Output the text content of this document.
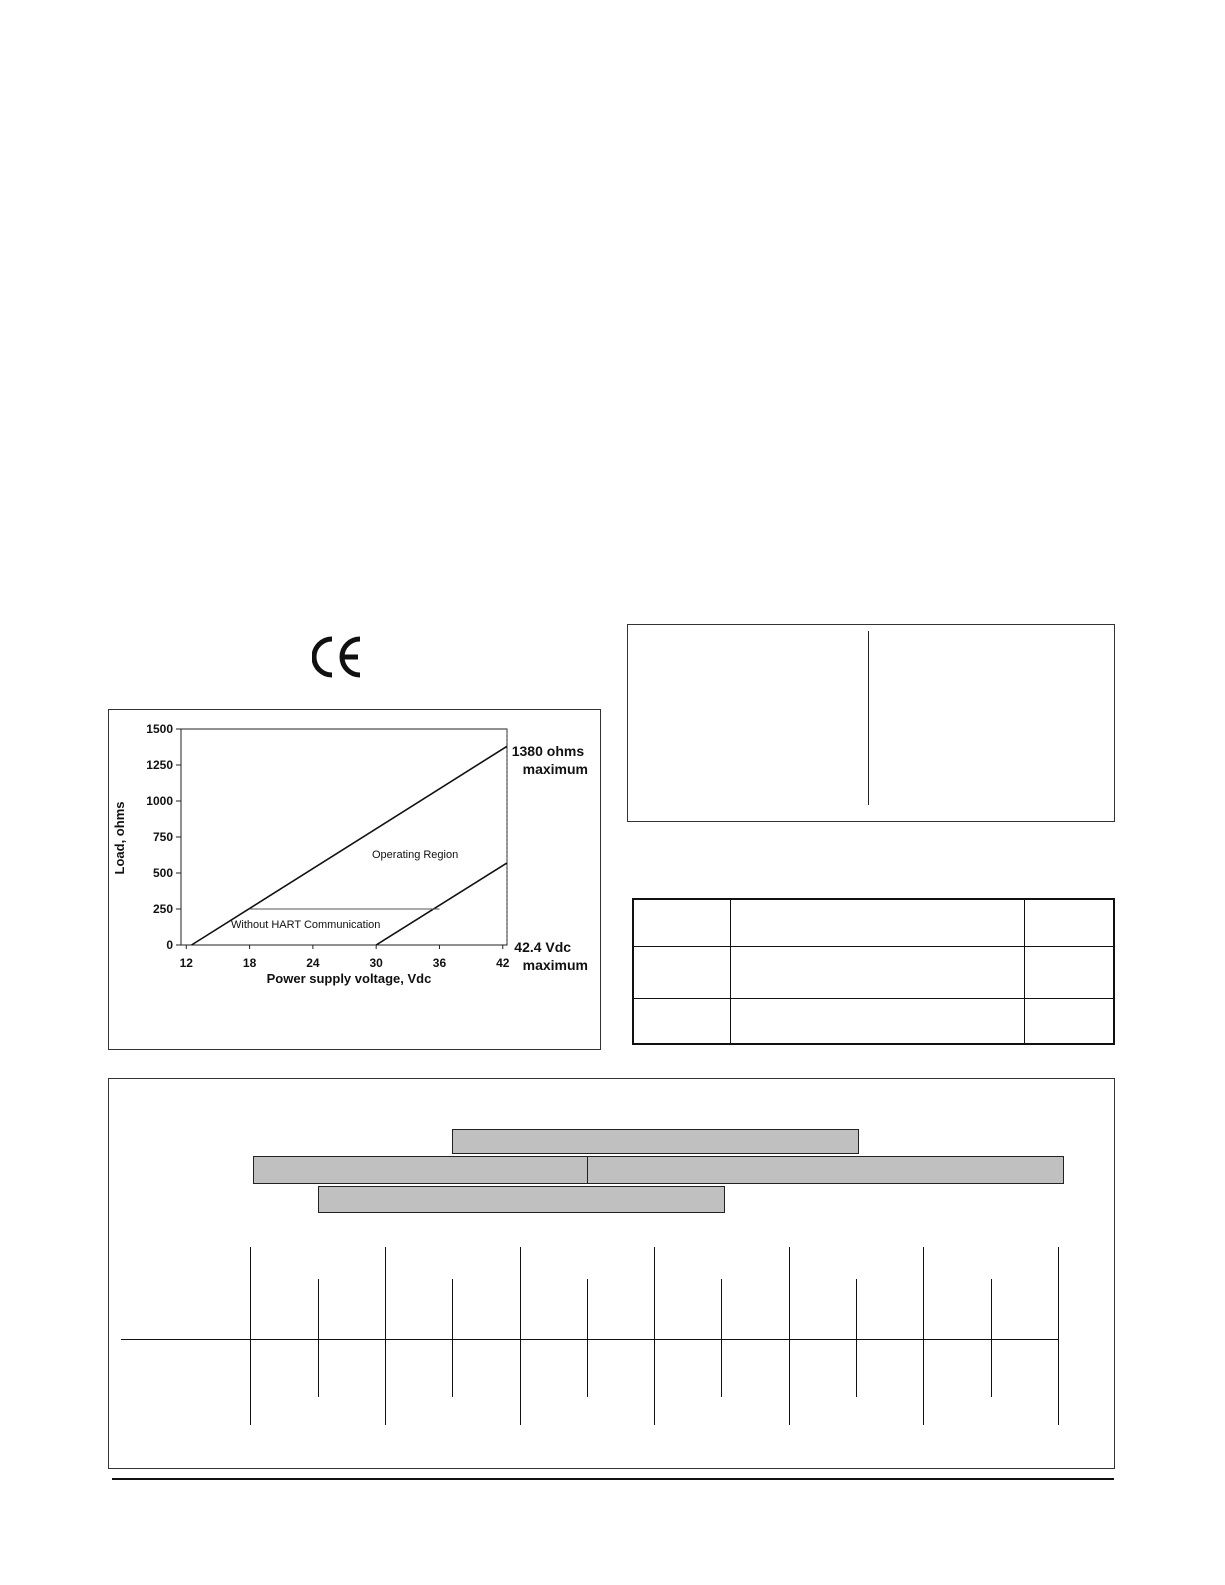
0
250
500
750
1000
1250
1500
12	18	24	30	36	42
Load, ohms
Power supply voltage, Vdc
1380 ohms maximum
42.4 Vdc maximum
Operating Region
Without HART Communication
